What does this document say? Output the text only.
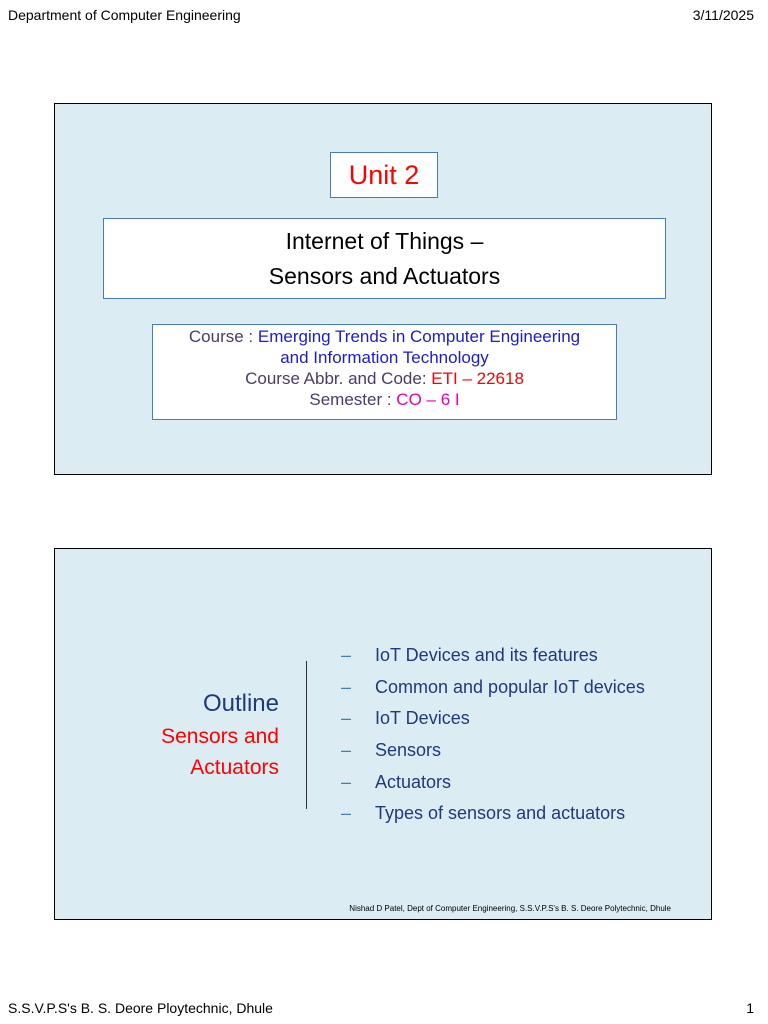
Department of Computer Engineering	3/11/2025
Unit 2
Internet of Things –
Sensors and Actuators
Course : Emerging Trends in Computer Engineering
and Information Technology
Course Abbr. and Code: ETI – 22618
Semester : CO – 6 I
Outline
Sensors and
Actuators
–	IoT Devices and its features
–	Common and popular IoT devices
–	IoT Devices
–	Sensors
–	Actuators
–	Types of sensors and actuators
Nishad D Patel, Dept of Computer Engineering, S.S.V.P.S's B. S. Deore Polytechnic, Dhule
S.S.V.P.S's B. S. Deore Ploytechnic, Dhule	1
